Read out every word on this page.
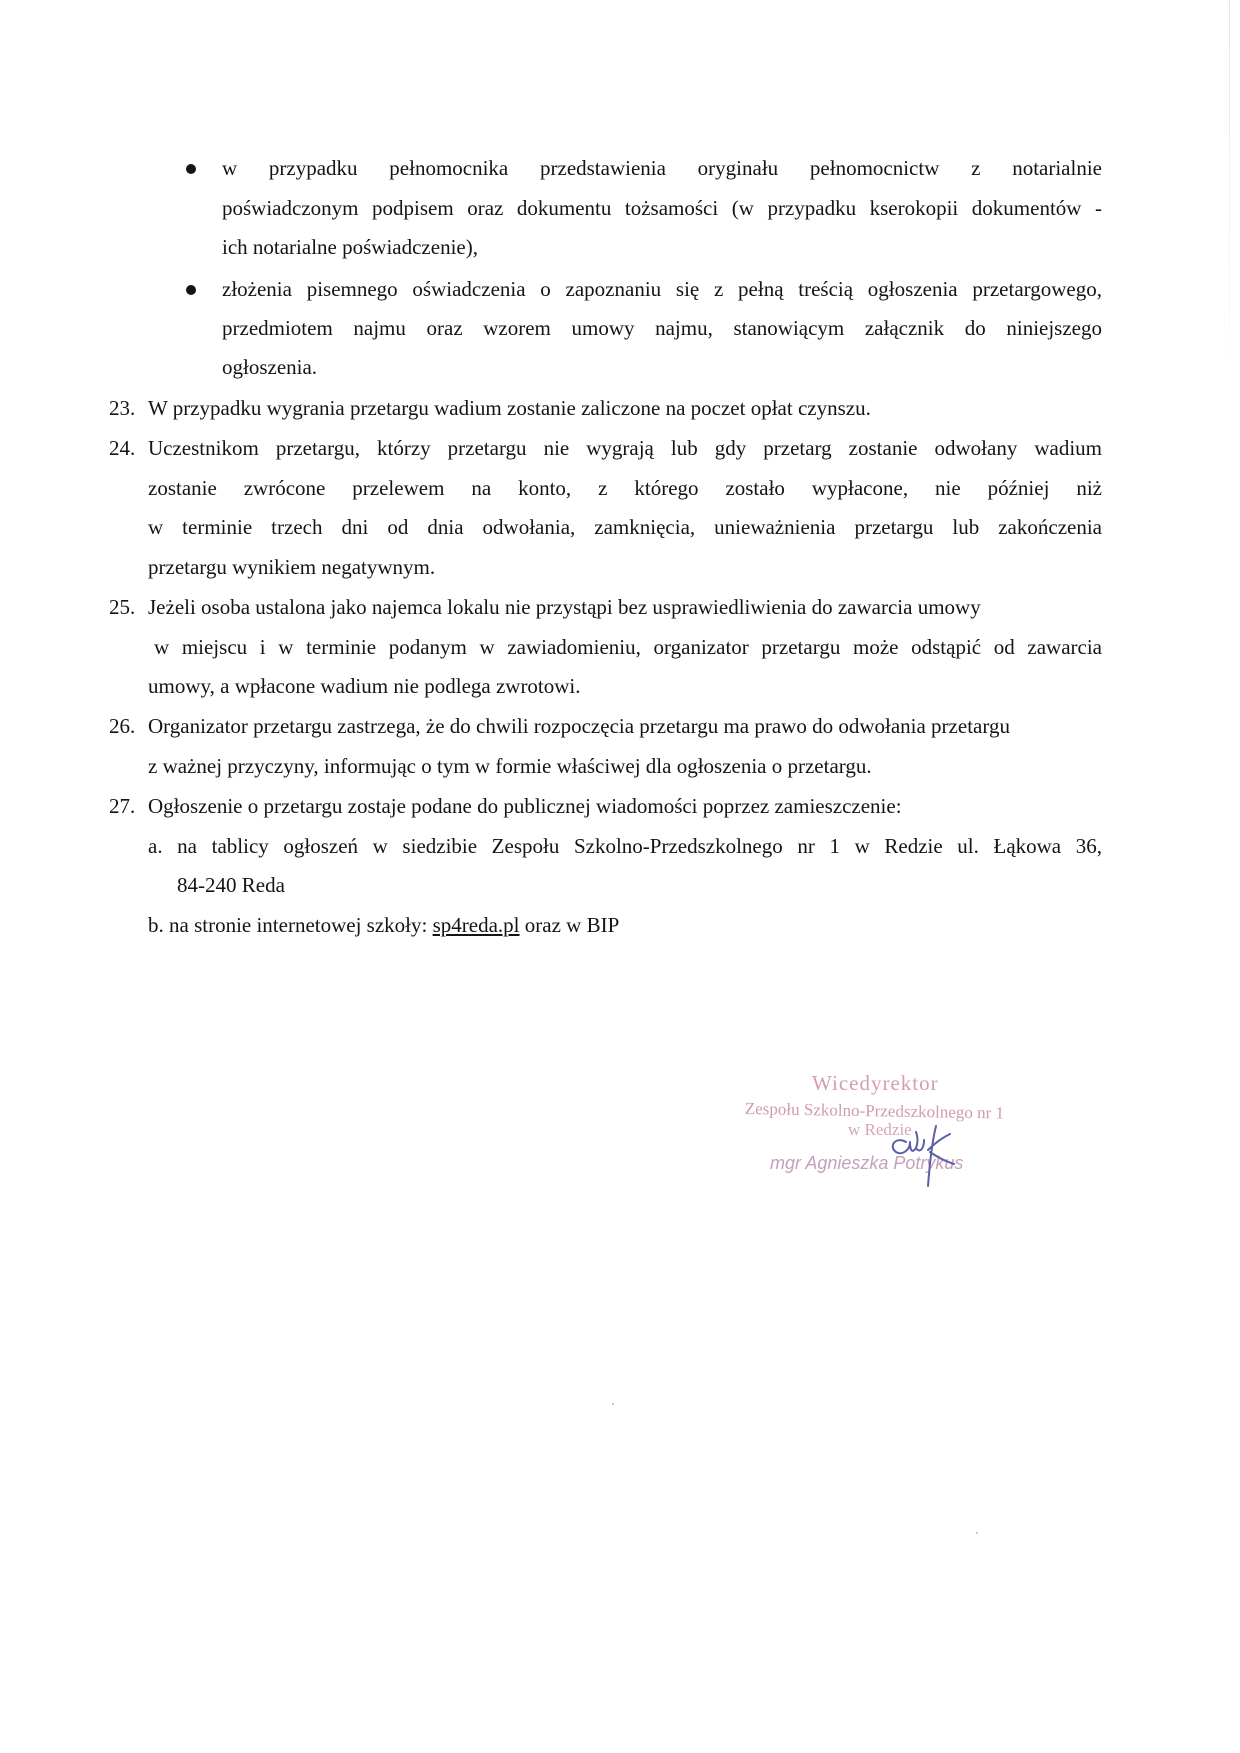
w przypadku pełnomocnika przedstawienia oryginału pełnomocnictw z notarialnie
poświadczonym podpisem oraz dokumentu tożsamości (w przypadku kserokopii dokumentów -
ich notarialne poświadczenie),
złożenia pisemnego oświadczenia o zapoznaniu się z pełną treścią ogłoszenia przetargowego,
przedmiotem najmu oraz wzorem umowy najmu, stanowiącym załącznik do niniejszego
ogłoszenia.
23. W przypadku wygrania przetargu wadium zostanie zaliczone na poczet opłat czynszu.
24. Uczestnikom przetargu, którzy przetargu nie wygrają lub gdy przetarg zostanie odwołany wadium
zostanie zwrócone przelewem na konto, z którego zostało wypłacone, nie później niż
w terminie trzech dni od dnia odwołania, zamknięcia, unieważnienia przetargu lub zakończenia
przetargu wynikiem negatywnym.
25. Jeżeli osoba ustalona jako najemca lokalu nie przystąpi bez usprawiedliwienia do zawarcia umowy
w miejscu i w terminie podanym w zawiadomieniu, organizator przetargu może odstąpić od zawarcia
umowy, a wpłacone wadium nie podlega zwrotowi.
26. Organizator przetargu zastrzega, że do chwili rozpoczęcia przetargu ma prawo do odwołania przetargu
z ważnej przyczyny, informując o tym w formie właściwej dla ogłoszenia o przetargu.
27. Ogłoszenie o przetargu zostaje podane do publicznej wiadomości poprzez zamieszczenie:
a. na tablicy ogłoszeń w siedzibie Zespołu Szkolno-Przedszkolnego nr 1 w Redzie ul. Łąkowa 36,
84-240 Reda
b. na stronie internetowej szkoły: sp4reda.pl oraz w BIP
Wicedyrektor
Zespołu Szkolno-Przedszkolnego nr 1
w Redzie
mgr Agnieszka Potrykus
